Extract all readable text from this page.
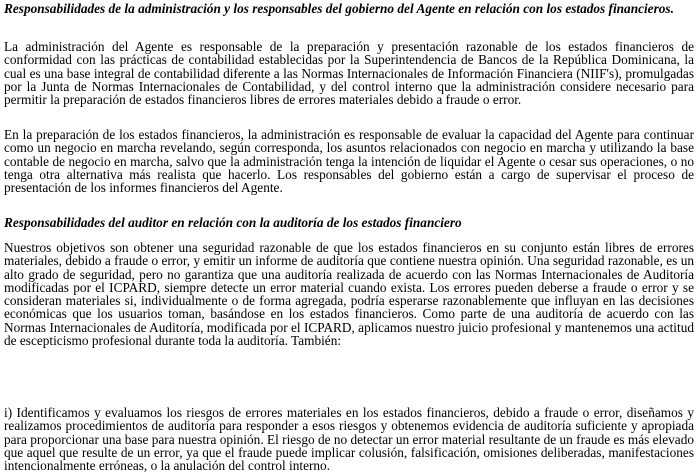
Responsabilidades de la administración y los responsables del gobierno del Agente en relación con los estados financieros.

La administración del Agente es responsable de la preparación y presentación razonable de los estados financieros de conformidad con las prácticas de contabilidad establecidas por la Superintendencia de Bancos de la República Dominicana, la cual es una base integral de contabilidad diferente a las Normas Internacionales de Información Financiera (NIIF's), promulgadas por la Junta de Normas Internacionales de Contabilidad, y del control interno que la administración considere necesario para permitir la preparación de estados financieros libres de errores materiales debido a fraude o error.

En la preparación de los estados financieros, la administración es responsable de evaluar la capacidad del Agente para continuar como un negocio en marcha revelando, según corresponda, los asuntos relacionados con negocio en marcha y utilizando la base contable de negocio en marcha, salvo que la administración tenga la intención de liquidar el Agente o cesar sus operaciones, o no tenga otra alternativa más realista que hacerlo. Los responsables del gobierno están a cargo de supervisar el proceso de presentación de los informes financieros del Agente.

Responsabilidades del auditor en relación con la auditoría de los estados financiero

Nuestros objetivos son obtener una seguridad razonable de que los estados financieros en su conjunto están libres de errores materiales, debido a fraude o error, y emitir un informe de auditoría que contiene nuestra opinión. Una seguridad razonable, es un alto grado de seguridad, pero no garantiza que una auditoría realizada de acuerdo con las Normas Internacionales de Auditoría modificadas por el ICPARD, siempre detecte un error material cuando exista. Los errores pueden deberse a fraude o error y se consideran materiales si, individualmente o de forma agregada, podría esperarse razonablemente que influyan en las decisiones económicas que los usuarios toman, basándose en los estados financieros. Como parte de una auditoría de acuerdo con las Normas Internacionales de Auditoría, modificada por el ICPARD, aplicamos nuestro juicio profesional y mantenemos una actitud de escepticismo profesional durante toda la auditoría. También:

i) Identificamos y evaluamos los riesgos de errores materiales en los estados financieros, debido a fraude o error, diseñamos y realizamos procedimientos de auditoría para responder a esos riesgos y obtenemos evidencia de auditoría suficiente y apropiada para proporcionar una base para nuestra opinión. El riesgo de no detectar un error material resultante de un fraude es más elevado que aquel que resulte de un error, ya que el fraude puede implicar colusión, falsificación, omisiones deliberadas, manifestaciones intencionalmente erróneas, o la anulación del control interno.
